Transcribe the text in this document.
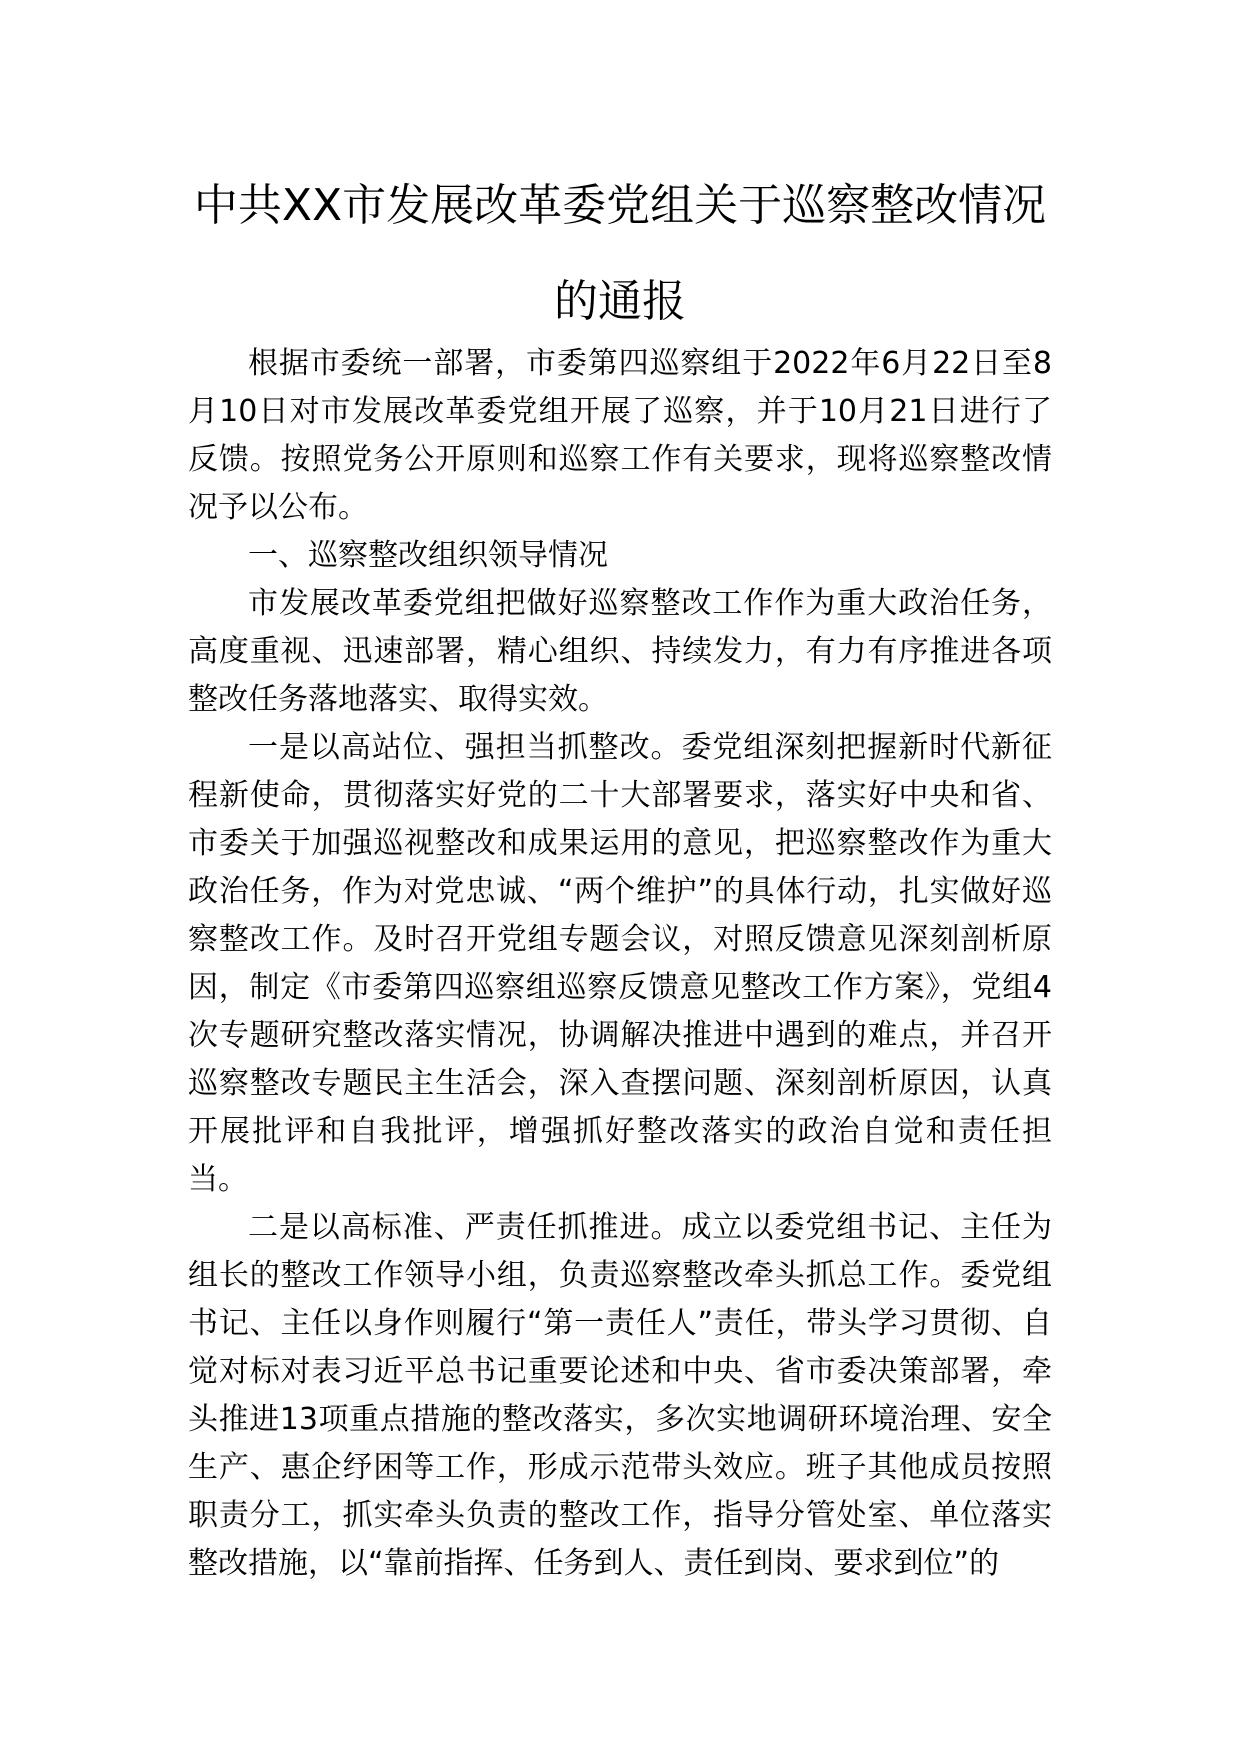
中共XX市发展改革委党组关于巡察整改情况的通报

根据市委统一部署，市委第四巡察组于2022年6月22日至8月10日对市发展改革委党组开展了巡察，并于10月21日进行了反馈。按照党务公开原则和巡察工作有关要求，现将巡察整改情况予以公布。

一、巡察整改组织领导情况

市发展改革委党组把做好巡察整改工作作为重大政治任务，高度重视、迅速部署，精心组织、持续发力，有力有序推进各项整改任务落地落实、取得实效。

一是以高站位、强担当抓整改。委党组深刻把握新时代新征程新使命，贯彻落实好党的二十大部署要求，落实好中央和省、市委关于加强巡视整改和成果运用的意见，把巡察整改作为重大政治任务，作为对党忠诚、“两个维护”的具体行动，扎实做好巡察整改工作。及时召开党组专题会议，对照反馈意见深刻剖析原因，制定《市委第四巡察组巡察反馈意见整改工作方案》，党组4次专题研究整改落实情况，协调解决推进中遇到的难点，并召开巡察整改专题民主生活会，深入查摆问题、深刻剖析原因，认真开展批评和自我批评，增强抓好整改落实的政治自觉和责任担当。

二是以高标准、严责任抓推进。成立以委党组书记、主任为组长的整改工作领导小组，负责巡察整改牵头抓总工作。委党组书记、主任以身作则履行“第一责任人”责任，带头学习贯彻、自觉对标对表习近平总书记重要论述和中央、省市委决策部署，牵头推进13项重点措施的整改落实，多次实地调研环境治理、安全生产、惠企纾困等工作，形成示范带头效应。班子其他成员按照职责分工，抓实牵头负责的整改工作，指导分管处室、单位落实整改措施，以“靠前指挥、任务到人、责任到岗、要求到位”的
